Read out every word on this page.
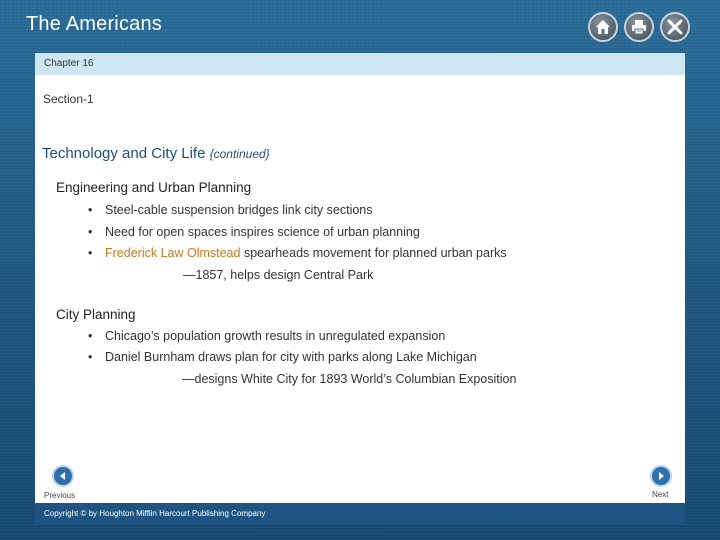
The Americans
Chapter 16
Section-1
Technology and City Life {continued}
Engineering and Urban Planning
• Steel-cable suspension bridges link city sections
• Need for open spaces inspires science of urban planning
• Frederick Law Olmstead spearheads movement for planned urban parks
—1857, helps design Central Park
City Planning
• Chicago’s population growth results in unregulated expansion
• Daniel Burnham draws plan for city with parks along Lake Michigan
—designs White City for 1893 World’s Columbian Exposition
Previous	Next
Copyright © by Houghton Mifflin Harcourt Publishing Company
